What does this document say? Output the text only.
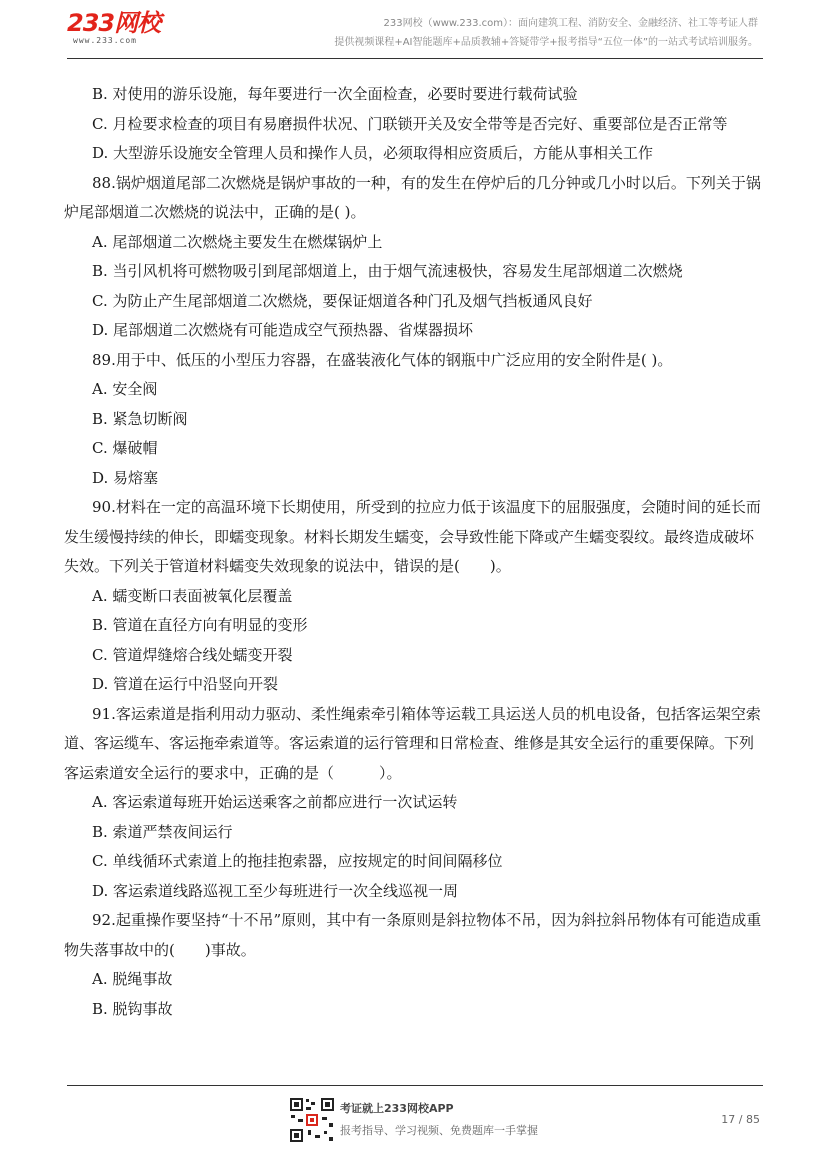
233网校
www.233.com
233网校（www.233.com）：面向建筑工程、消防安全、金融经济、社工等考证人群
提供视频课程+AI智能题库+品质教辅+答疑带学+报考指导“五位一体”的一站式考试培训服务。

B. 对使用的游乐设施，每年要进行一次全面检查，必要时要进行载荷试验

C. 月检要求检查的项目有易磨损件状况、门联锁开关及安全带等是否完好、重要部位是否正常等

D. 大型游乐设施安全管理人员和操作人员，必须取得相应资质后，方能从事相关工作

88.锅炉烟道尾部二次燃烧是锅炉事故的一种，有的发生在停炉后的几分钟或几小时以后。下列关于锅炉尾部烟道二次燃烧的说法中，正确的是( )。

A. 尾部烟道二次燃烧主要发生在燃煤锅炉上

B. 当引风机将可燃物吸引到尾部烟道上，由于烟气流速极快，容易发生尾部烟道二次燃烧

C. 为防止产生尾部烟道二次燃烧，要保证烟道各种门孔及烟气挡板通风良好

D. 尾部烟道二次燃烧有可能造成空气预热器、省煤器损坏

89.用于中、低压的小型压力容器，在盛装液化气体的钢瓶中广泛应用的安全附件是( )。

A. 安全阀

B. 紧急切断阀

C. 爆破帽

D. 易熔塞

90.材料在一定的高温环境下长期使用，所受到的拉应力低于该温度下的屈服强度，会随时间的延长而发生缓慢持续的伸长，即蠕变现象。材料长期发生蠕变，会导致性能下降或产生蠕变裂纹。最终造成破坏失效。下列关于管道材料蠕变失效现象的说法中，错误的是(　　)。

A. 蠕变断口表面被氧化层覆盖

B. 管道在直径方向有明显的变形

C. 管道焊缝熔合线处蠕变开裂

D. 管道在运行中沿竖向开裂

91.客运索道是指利用动力驱动、柔性绳索牵引箱体等运载工具运送人员的机电设备，包括客运架空索道、客运缆车、客运拖牵索道等。客运索道的运行管理和日常检查、维修是其安全运行的重要保障。下列客运索道安全运行的要求中，正确的是（　　　）。

A. 客运索道每班开始运送乘客之前都应进行一次试运转

B. 索道严禁夜间运行

C. 单线循环式索道上的拖挂抱索器，应按规定的时间间隔移位

D. 客运索道线路巡视工至少每班进行一次全线巡视一周

92.起重操作要坚持“十不吊”原则，其中有一条原则是斜拉物体不吊，因为斜拉斜吊物体有可能造成重物失落事故中的(　　)事故。

A. 脱绳事故

B. 脱钩事故

考证就上233网校APP
报考指导、学习视频、免费题库一手掌握
17 / 85
